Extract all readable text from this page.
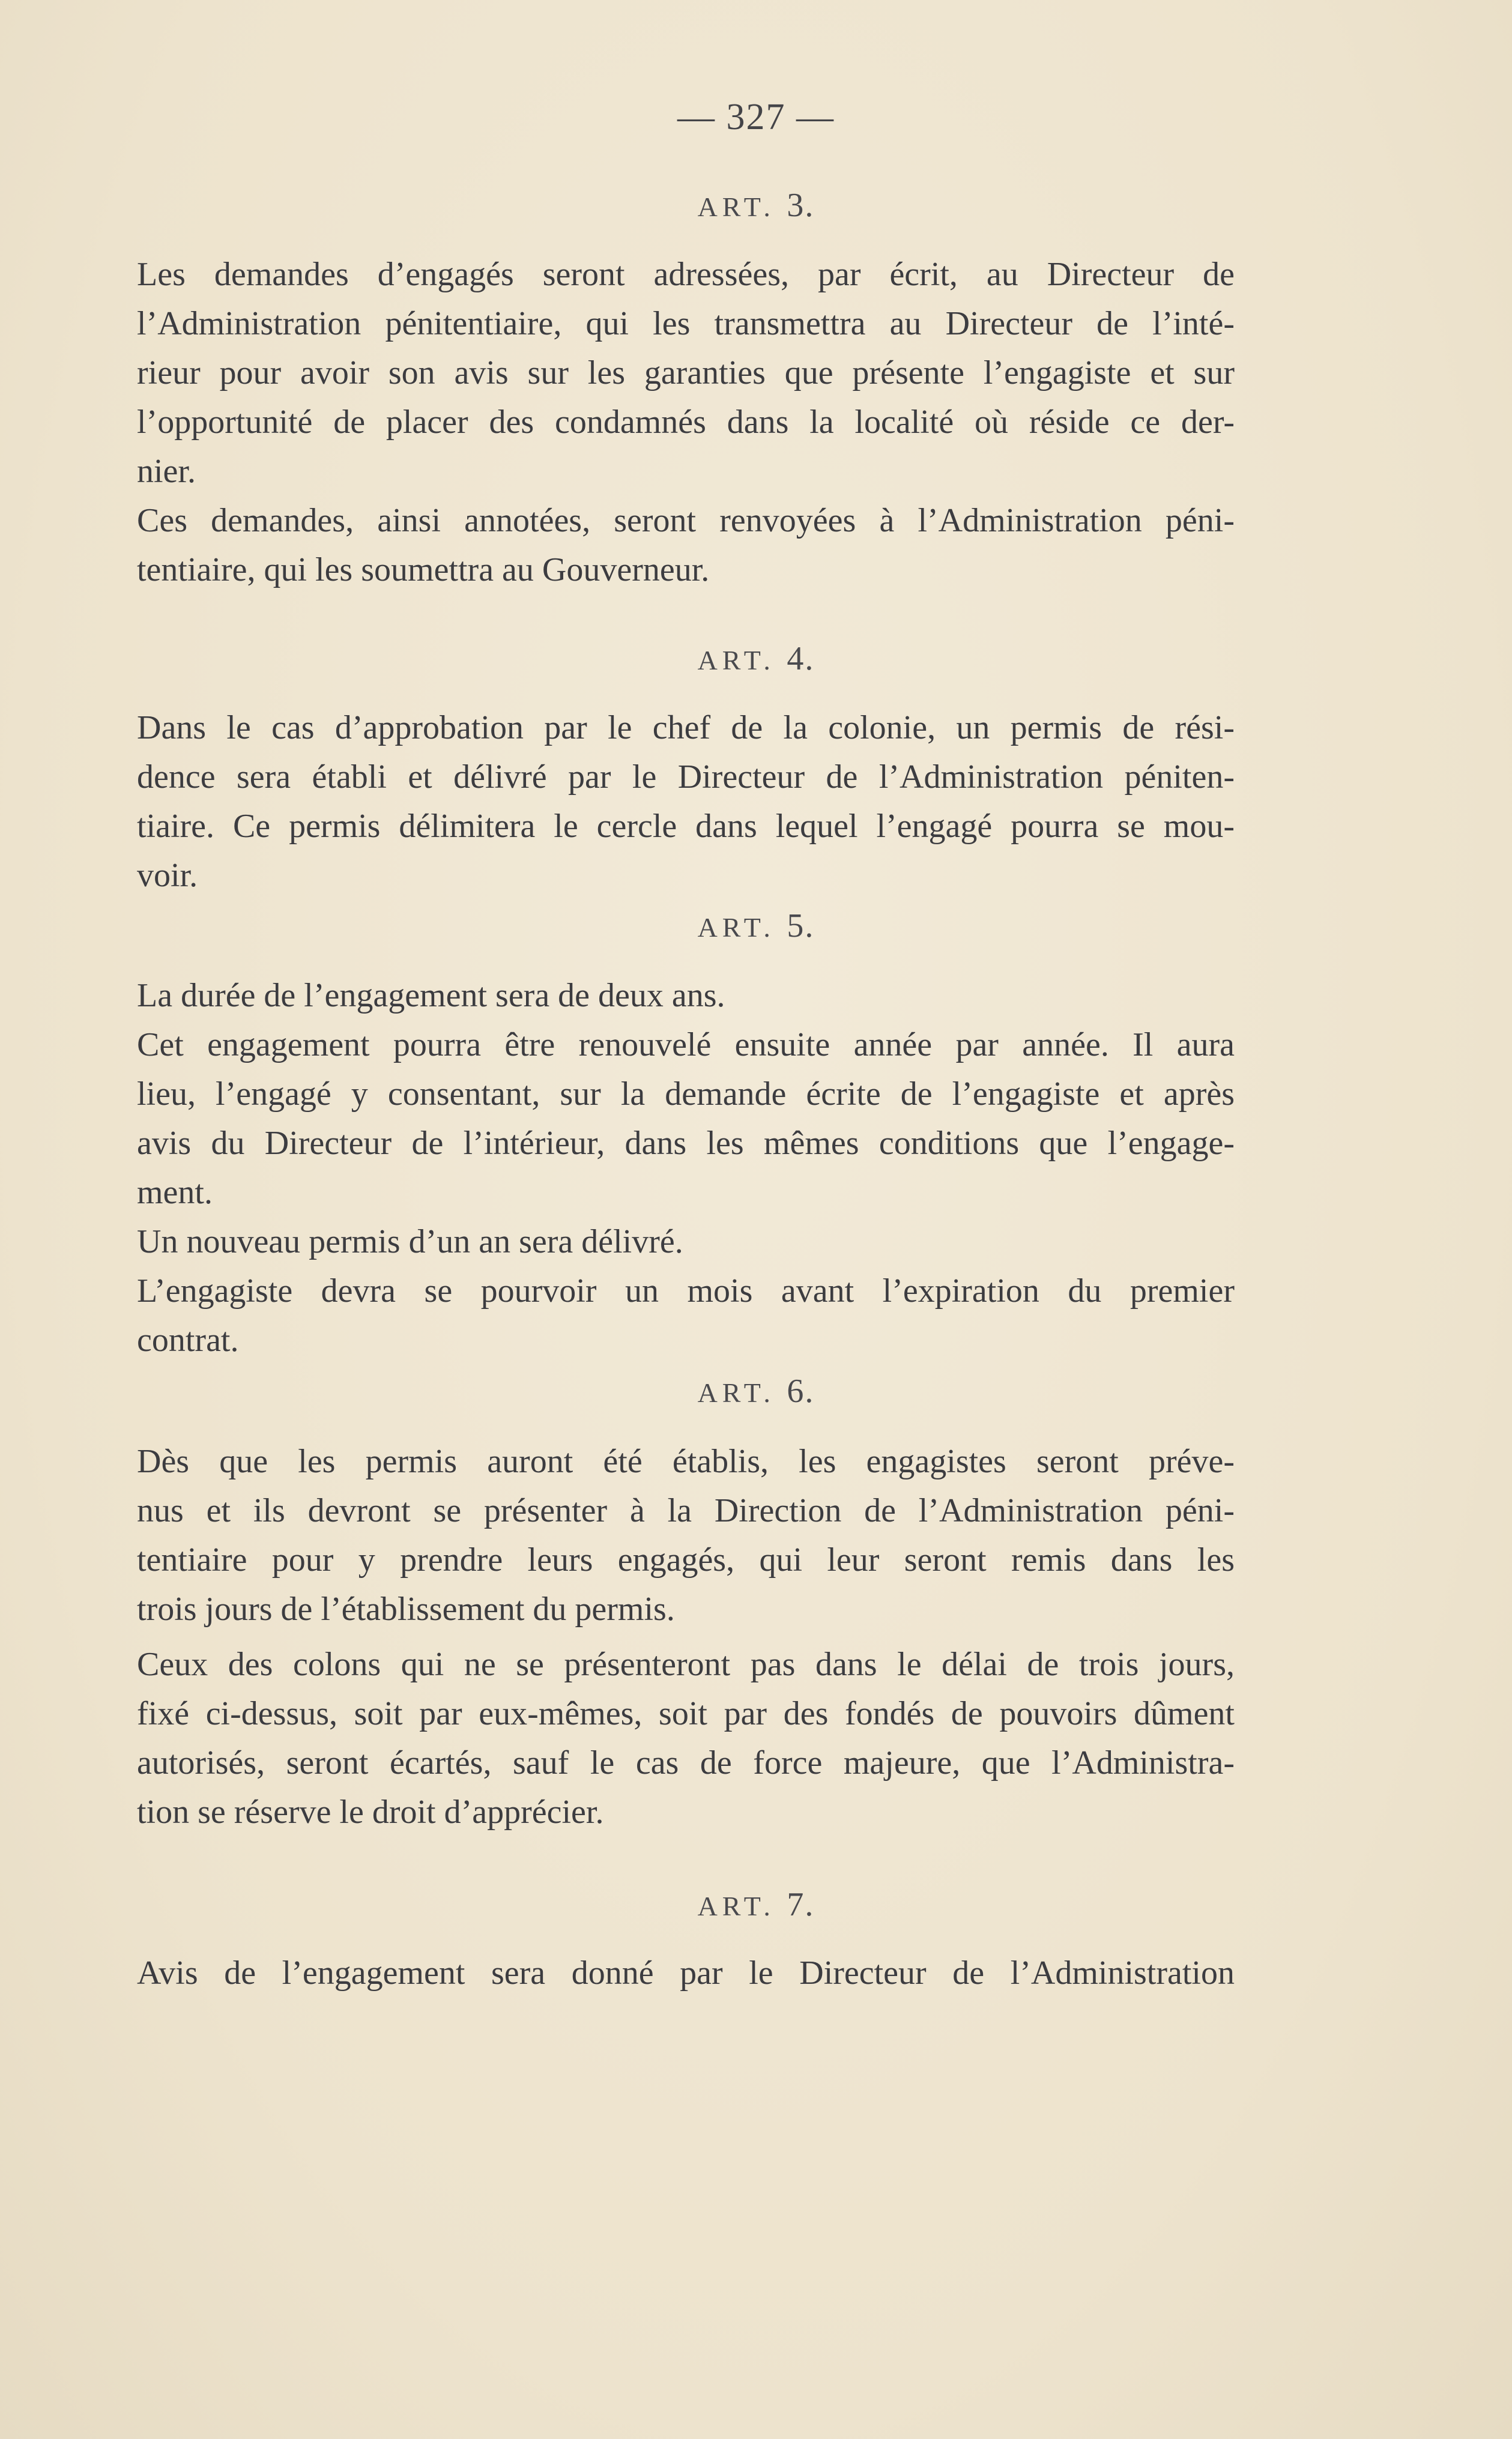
— 327 —
ART. 3.
Les demandes d’engagés seront adressées, par écrit, au Directeur de
l’Administration pénitentiaire, qui les transmettra au Directeur de l’inté-
rieur pour avoir son avis sur les garanties que présente l’engagiste et sur
l’opportunité de placer des condamnés dans la localité où réside ce der-
nier.
Ces demandes, ainsi annotées, seront renvoyées à l’Administration péni-
tentiaire, qui les soumettra au Gouverneur.
ART. 4.
Dans le cas d’approbation par le chef de la colonie, un permis de rési-
dence sera établi et délivré par le Directeur de l’Administration péniten-
tiaire. Ce permis délimitera le cercle dans lequel l’engagé pourra se mou-
voir.
ART. 5.
La durée de l’engagement sera de deux ans.
Cet engagement pourra être renouvelé ensuite année par année. Il aura
lieu, l’engagé y consentant, sur la demande écrite de l’engagiste et après
avis du Directeur de l’intérieur, dans les mêmes conditions que l’engage-
ment.
Un nouveau permis d’un an sera délivré.
L’engagiste devra se pourvoir un mois avant l’expiration du premier
contrat.
ART. 6.
Dès que les permis auront été établis, les engagistes seront préve-
nus et ils devront se présenter à la Direction de l’Administration péni-
tentiaire pour y prendre leurs engagés, qui leur seront remis dans les
trois jours de l’établissement du permis.
Ceux des colons qui ne se présenteront pas dans le délai de trois jours,
fixé ci-dessus, soit par eux-mêmes, soit par des fondés de pouvoirs dûment
autorisés, seront écartés, sauf le cas de force majeure, que l’Administra-
tion se réserve le droit d’apprécier.
ART. 7.
Avis de l’engagement sera donné par le Directeur de l’Administration
